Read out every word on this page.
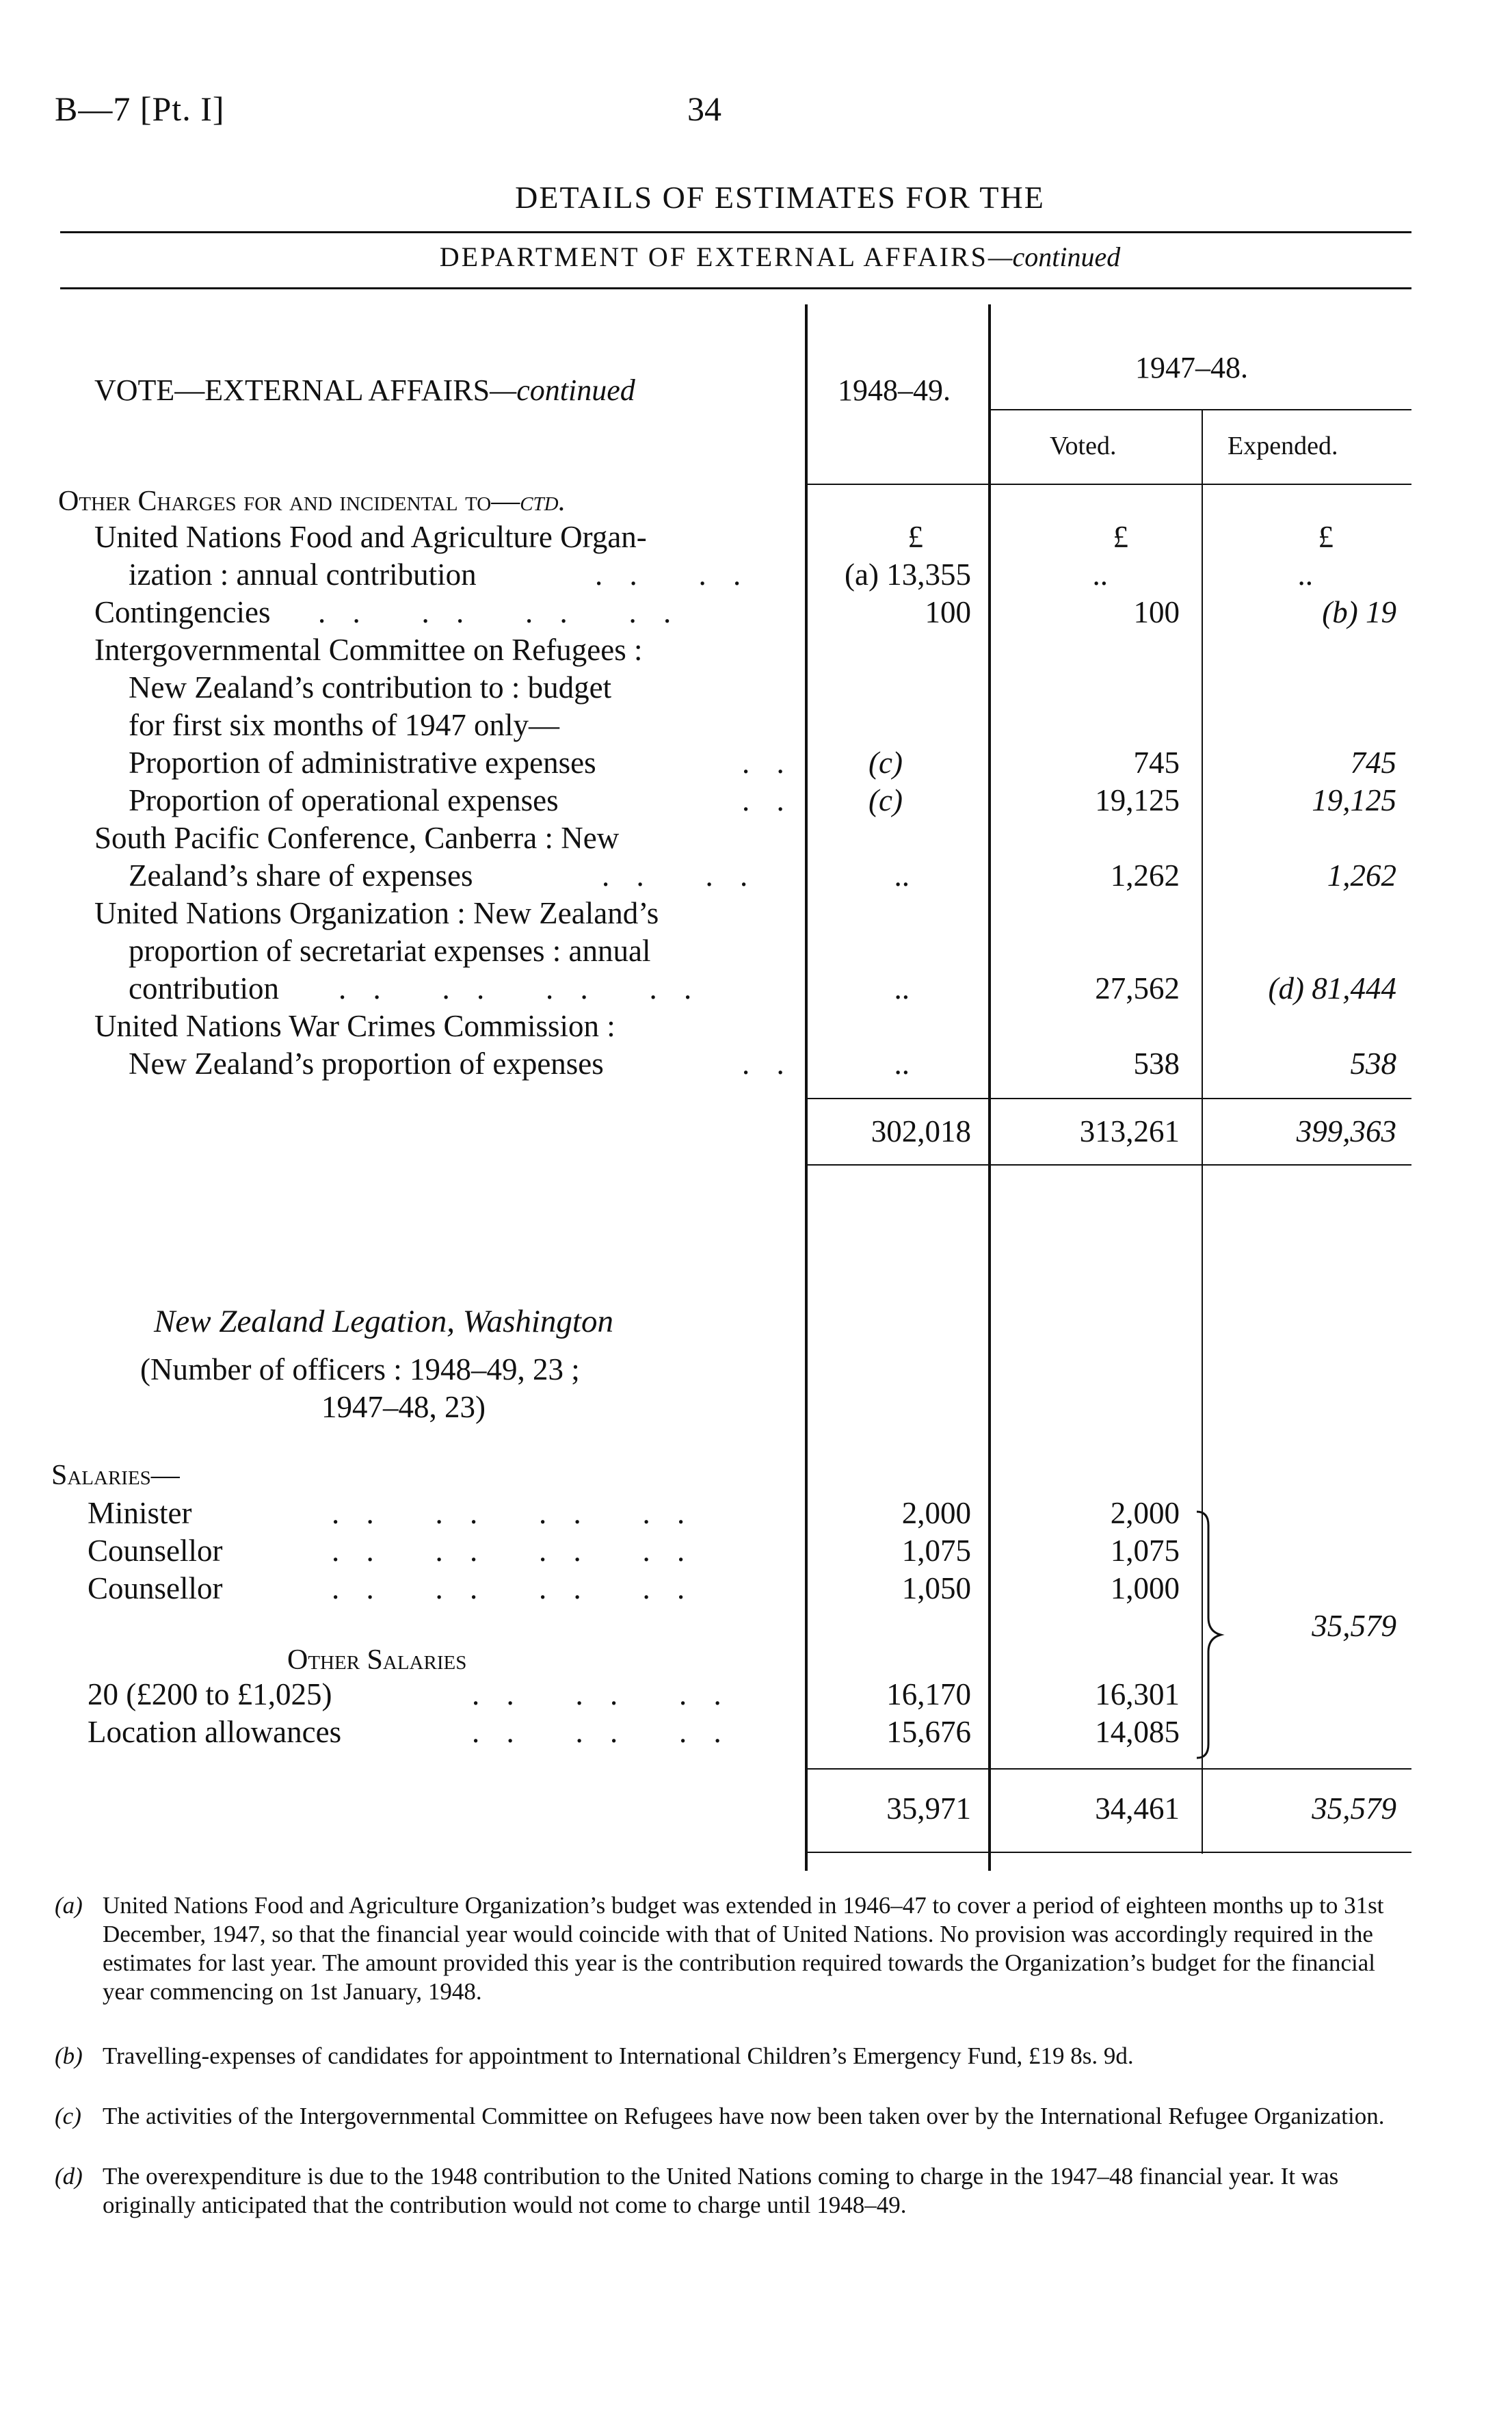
B—7 [Pt. I]	34
DETAILS OF ESTIMATES FOR THE
DEPARTMENT OF EXTERNAL AFFAIRS—continued
VOTE—EXTERNAL AFFAIRS—continued	1948–49.
1947–48.
Voted.	Expended.
Other Charges for and incidental to—ctd.
£	£	£
United Nations Food and Agriculture Organ-
ization : annual contribution	. .   . .	(a) 13,355	..	..
Contingencies . .   . .   . .   . .	100	100	(b) 19
Intergovernmental Committee on Refugees :
New Zealand’s contribution to : budget
for first six months of 1947 only—
Proportion of administrative expenses	. .	(c)	745	745
Proportion of operational expenses	. .	(c)	19,125	19,125
South Pacific Conference, Canberra : New
Zealand’s share of expenses	. .   . .	..	1,262	1,262
United Nations Organization : New Zealand’s
proportion of secretariat expenses : annual
contribution . .   . .   . .   . .	..	27,562	(d) 81,444
United Nations War Crimes Commission :
New Zealand’s proportion of expenses	. .	..	538	538
302,018	313,261	399,363
New Zealand Legation, Washington
(Number of officers : 1948–49, 23 ;
1947–48, 23)
Salaries—
Minister	. .   . .   . .   . .	2,000	2,000
Counsellor	. .   . .   . .   . .	1,075	1,075
Counsellor	. .   . .   . .   . .	1,050	1,000
Other Salaries
20 (£200 to £1,025)	. .   . .   . .	16,170	16,301
Location allowances	. .   . .   . .	15,676	14,085
35,579
35,971	34,461	35,579
(a) United Nations Food and Agriculture Organization’s budget was extended in 1946–47 to cover a period of eighteen months up to 31st December, 1947, so that the financial year would coincide with that of United Nations. No provision was accordingly required in the estimates for last year. The amount provided this year is the contribution required towards the Organization’s budget for the financial year commencing on 1st January, 1948.
(b) Travelling-expenses of candidates for appointment to International Children’s Emergency Fund, £19 8s. 9d.
(c) The activities of the Intergovernmental Committee on Refugees have now been taken over by the International Refugee Organization.
(d) The overexpenditure is due to the 1948 contribution to the United Nations coming to charge in the 1947–48 financial year. It was originally anticipated that the contribution would not come to charge until 1948–49.
